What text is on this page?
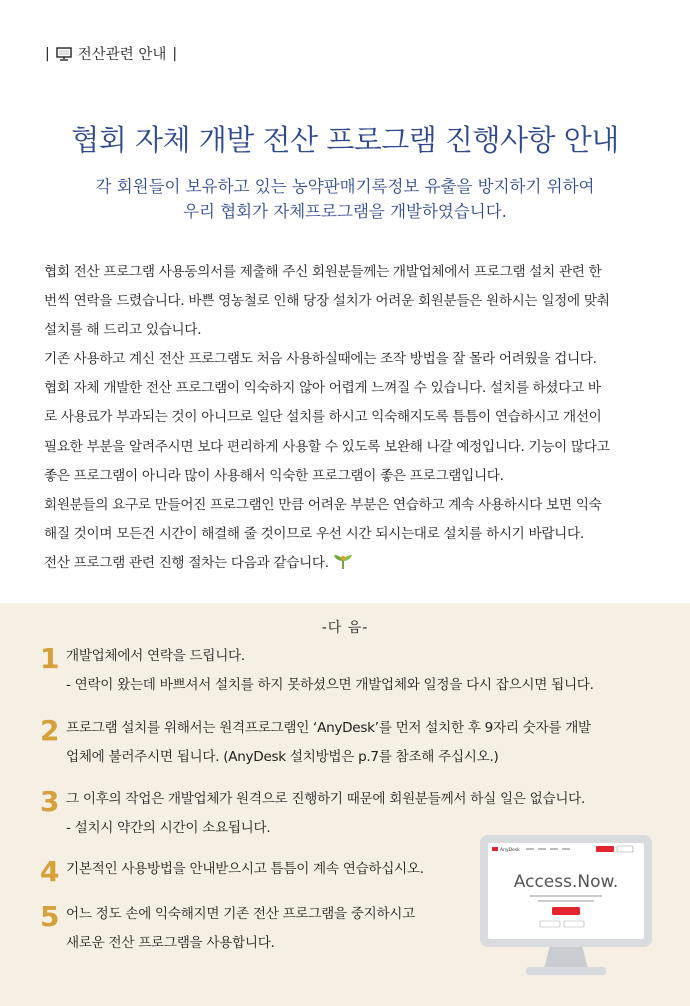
| 전산관련 안내 |
협회 자체 개발 전산 프로그램 진행사항 안내
각 회원들이 보유하고 있는 농약판매기록정보 유출을 방지하기 위하여
우리 협회가 자체프로그램을 개발하였습니다.

협회 전산 프로그램 사용동의서를 제출해 주신 회원분들께는 개발업체에서 프로그램 설치 관련 한

번씩 연락을 드렸습니다. 바쁜 영농철로 인해 당장 설치가 어려운 회원분들은 원하시는 일정에 맞춰

설치를 해 드리고 있습니다.

기존 사용하고 계신 전산 프로그램도 처음 사용하실때에는 조작 방법을 잘 몰라 어려웠을 겁니다.

협회 자체 개발한 전산 프로그램이 익숙하지 않아 어렵게 느껴질 수 있습니다. 설치를 하셨다고 바

로 사용료가 부과되는 것이 아니므로 일단 설치를 하시고 익숙해지도록 틈틈이 연습하시고 개선이

필요한 부분을 알려주시면 보다 편리하게 사용할 수 있도록 보완해 나갈 예정입니다. 기능이 많다고

좋은 프로그램이 아니라 많이 사용해서 익숙한 프로그램이 좋은 프로그램입니다.

회원분들의 요구로 만들어진 프로그램인 만큼 어려운 부분은 연습하고 계속 사용하시다 보면 익숙

해질 것이며 모든건 시간이 해결해 줄 것이므로 우선 시간 되시는대로 설치를 하시기 바랍니다.

전산 프로그램 관련 진행 절차는 다음과 같습니다.

-다 음-
1 개발업체에서 연락을 드립니다.
- 연락이 왔는데 바쁘셔서 설치를 하지 못하셨으면 개발업체와 일정을 다시 잡으시면 됩니다.
2 프로그램 설치를 위해서는 원격프로그램인 ‘AnyDesk’를 먼저 설치한 후 9자리 숫자를 개발
업체에 불러주시면 됩니다. (AnyDesk 설치방법은 p.7를 참조해 주십시오.)
3 그 이후의 작업은 개발업체가 원격으로 진행하기 때문에 회원분들께서 하실 일은 없습니다.
- 설치시 약간의 시간이 소요됩니다.
4 기본적인 사용방법을 안내받으시고 틈틈이 계속 연습하십시오.
5 어느 정도 손에 익숙해지면 기존 전산 프로그램을 중지하시고
새로운 전산 프로그램을 사용합니다.
AnyDesk
Access.Now.
